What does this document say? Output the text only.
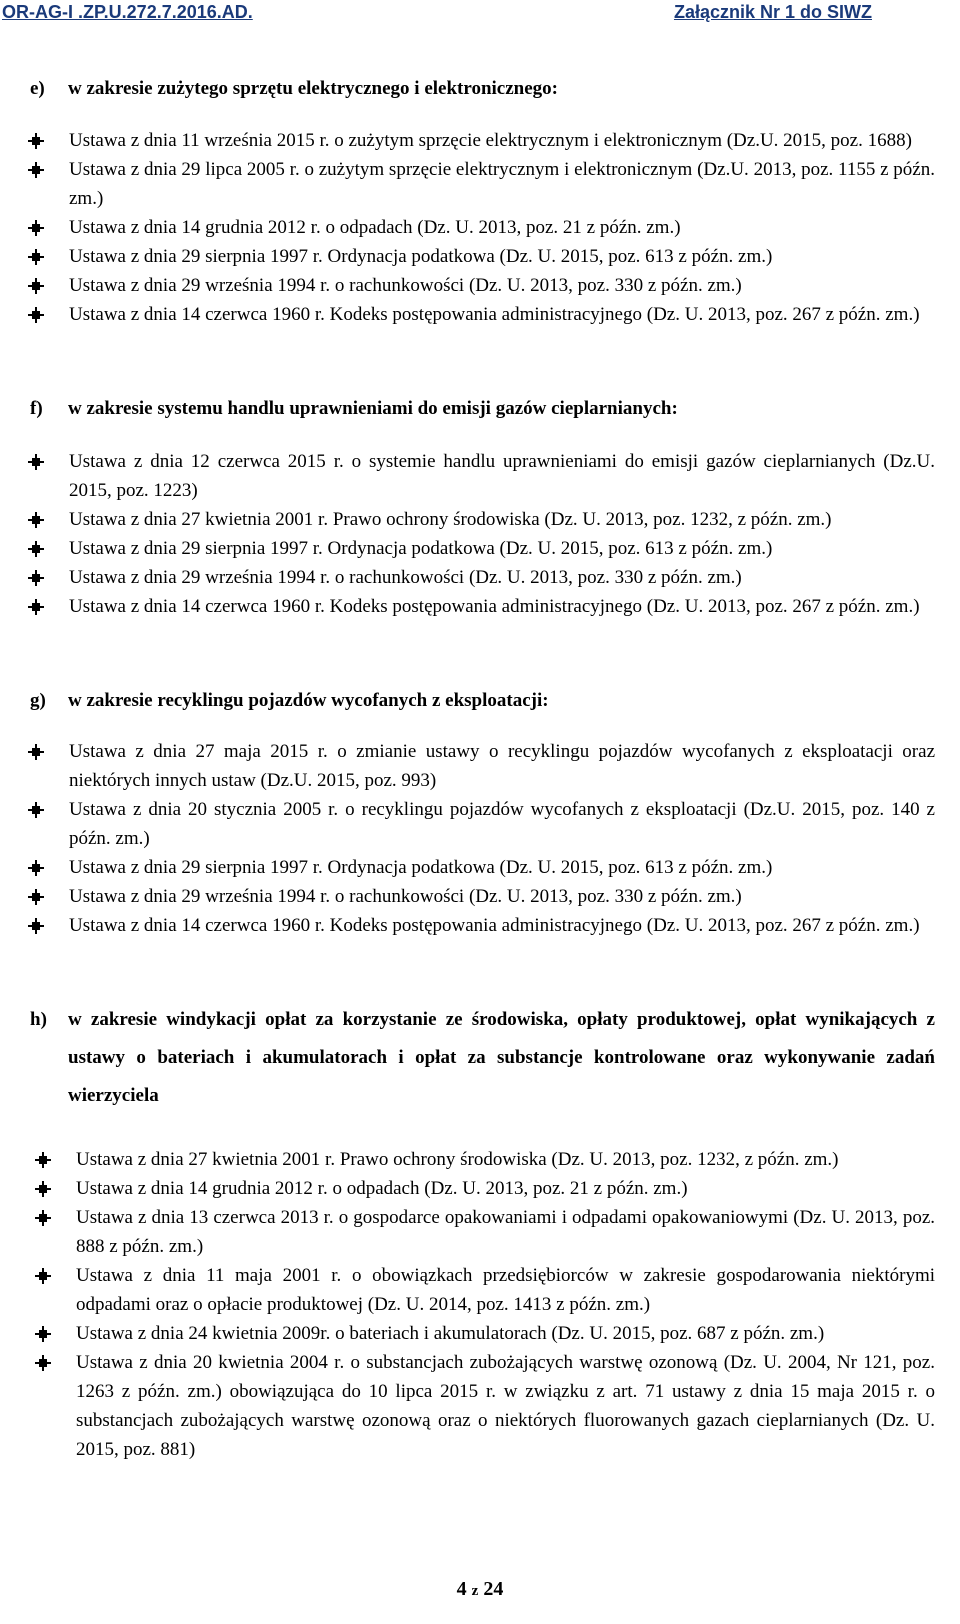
OR-AG-I .ZP.U.272.7.2016.AD.	Załącznik Nr 1 do SIWZ
e) w zakresie zużytego sprzętu elektrycznego i elektronicznego:
Ustawa z dnia 11 września 2015 r. o zużytym sprzęcie elektrycznym i elektronicznym (Dz.U. 2015, poz. 1688)
Ustawa z dnia 29 lipca 2005 r. o zużytym sprzęcie elektrycznym i elektronicznym (Dz.U. 2013, poz. 1155 z późn. zm.)
Ustawa z dnia 14 grudnia 2012 r. o odpadach (Dz. U. 2013, poz. 21 z późn. zm.)
Ustawa z dnia 29 sierpnia 1997 r. Ordynacja podatkowa (Dz. U. 2015, poz. 613 z późn. zm.)
Ustawa z dnia 29 września 1994 r. o rachunkowości (Dz. U. 2013, poz. 330 z późn. zm.)
Ustawa z dnia 14 czerwca 1960 r. Kodeks postępowania administracyjnego (Dz. U. 2013, poz. 267 z późn. zm.)
f) w zakresie systemu handlu uprawnieniami do emisji gazów cieplarnianych:
Ustawa z dnia 12 czerwca 2015 r. o systemie handlu uprawnieniami do emisji gazów cieplarnianych (Dz.U. 2015, poz. 1223)
Ustawa z dnia 27 kwietnia 2001 r. Prawo ochrony środowiska (Dz. U. 2013, poz. 1232, z późn. zm.)
Ustawa z dnia 29 sierpnia 1997 r. Ordynacja podatkowa (Dz. U. 2015, poz. 613 z późn. zm.)
Ustawa z dnia 29 września 1994 r. o rachunkowości (Dz. U. 2013, poz. 330 z późn. zm.)
Ustawa z dnia 14 czerwca 1960 r. Kodeks postępowania administracyjnego (Dz. U. 2013, poz. 267 z późn. zm.)
g) w zakresie recyklingu pojazdów wycofanych z eksploatacji:
Ustawa z dnia 27 maja 2015 r. o zmianie ustawy o recyklingu pojazdów wycofanych z eksploatacji oraz niektórych innych ustaw (Dz.U. 2015, poz. 993)
Ustawa z dnia 20 stycznia 2005 r. o recyklingu pojazdów wycofanych z eksploatacji (Dz.U. 2015, poz. 140 z późn. zm.)
Ustawa z dnia 29 sierpnia 1997 r. Ordynacja podatkowa (Dz. U. 2015, poz. 613 z późn. zm.)
Ustawa z dnia 29 września 1994 r. o rachunkowości (Dz. U. 2013, poz. 330 z późn. zm.)
Ustawa z dnia 14 czerwca 1960 r. Kodeks postępowania administracyjnego (Dz. U. 2013, poz. 267 z późn. zm.)
h) w zakresie windykacji opłat za korzystanie ze środowiska, opłaty produktowej, opłat wynikających z ustawy o bateriach i akumulatorach i opłat za substancje kontrolowane oraz wykonywanie zadań wierzyciela
Ustawa z dnia 27 kwietnia 2001 r. Prawo ochrony środowiska (Dz. U. 2013, poz. 1232, z późn. zm.)
Ustawa z dnia 14 grudnia 2012 r. o odpadach (Dz. U. 2013, poz. 21 z późn. zm.)
Ustawa z dnia 13 czerwca 2013 r. o gospodarce opakowaniami i odpadami opakowaniowymi (Dz. U. 2013, poz. 888 z późn. zm.)
Ustawa z dnia 11 maja 2001 r. o obowiązkach przedsiębiorców w zakresie gospodarowania niektórymi odpadami oraz o opłacie produktowej (Dz. U. 2014, poz. 1413 z późn. zm.)
Ustawa z dnia 24 kwietnia 2009r. o bateriach i akumulatorach (Dz. U. 2015, poz. 687 z późn. zm.)
Ustawa z dnia 20 kwietnia 2004 r. o substancjach zubożających warstwę ozonową (Dz. U. 2004, Nr 121, poz. 1263 z późn. zm.) obowiązująca do 10 lipca 2015 r. w związku z art. 71 ustawy z dnia 15 maja 2015 r. o substancjach zubożających warstwę ozonową oraz o niektórych fluorowanych gazach cieplarnianych (Dz. U. 2015, poz. 881)
4 z 24
